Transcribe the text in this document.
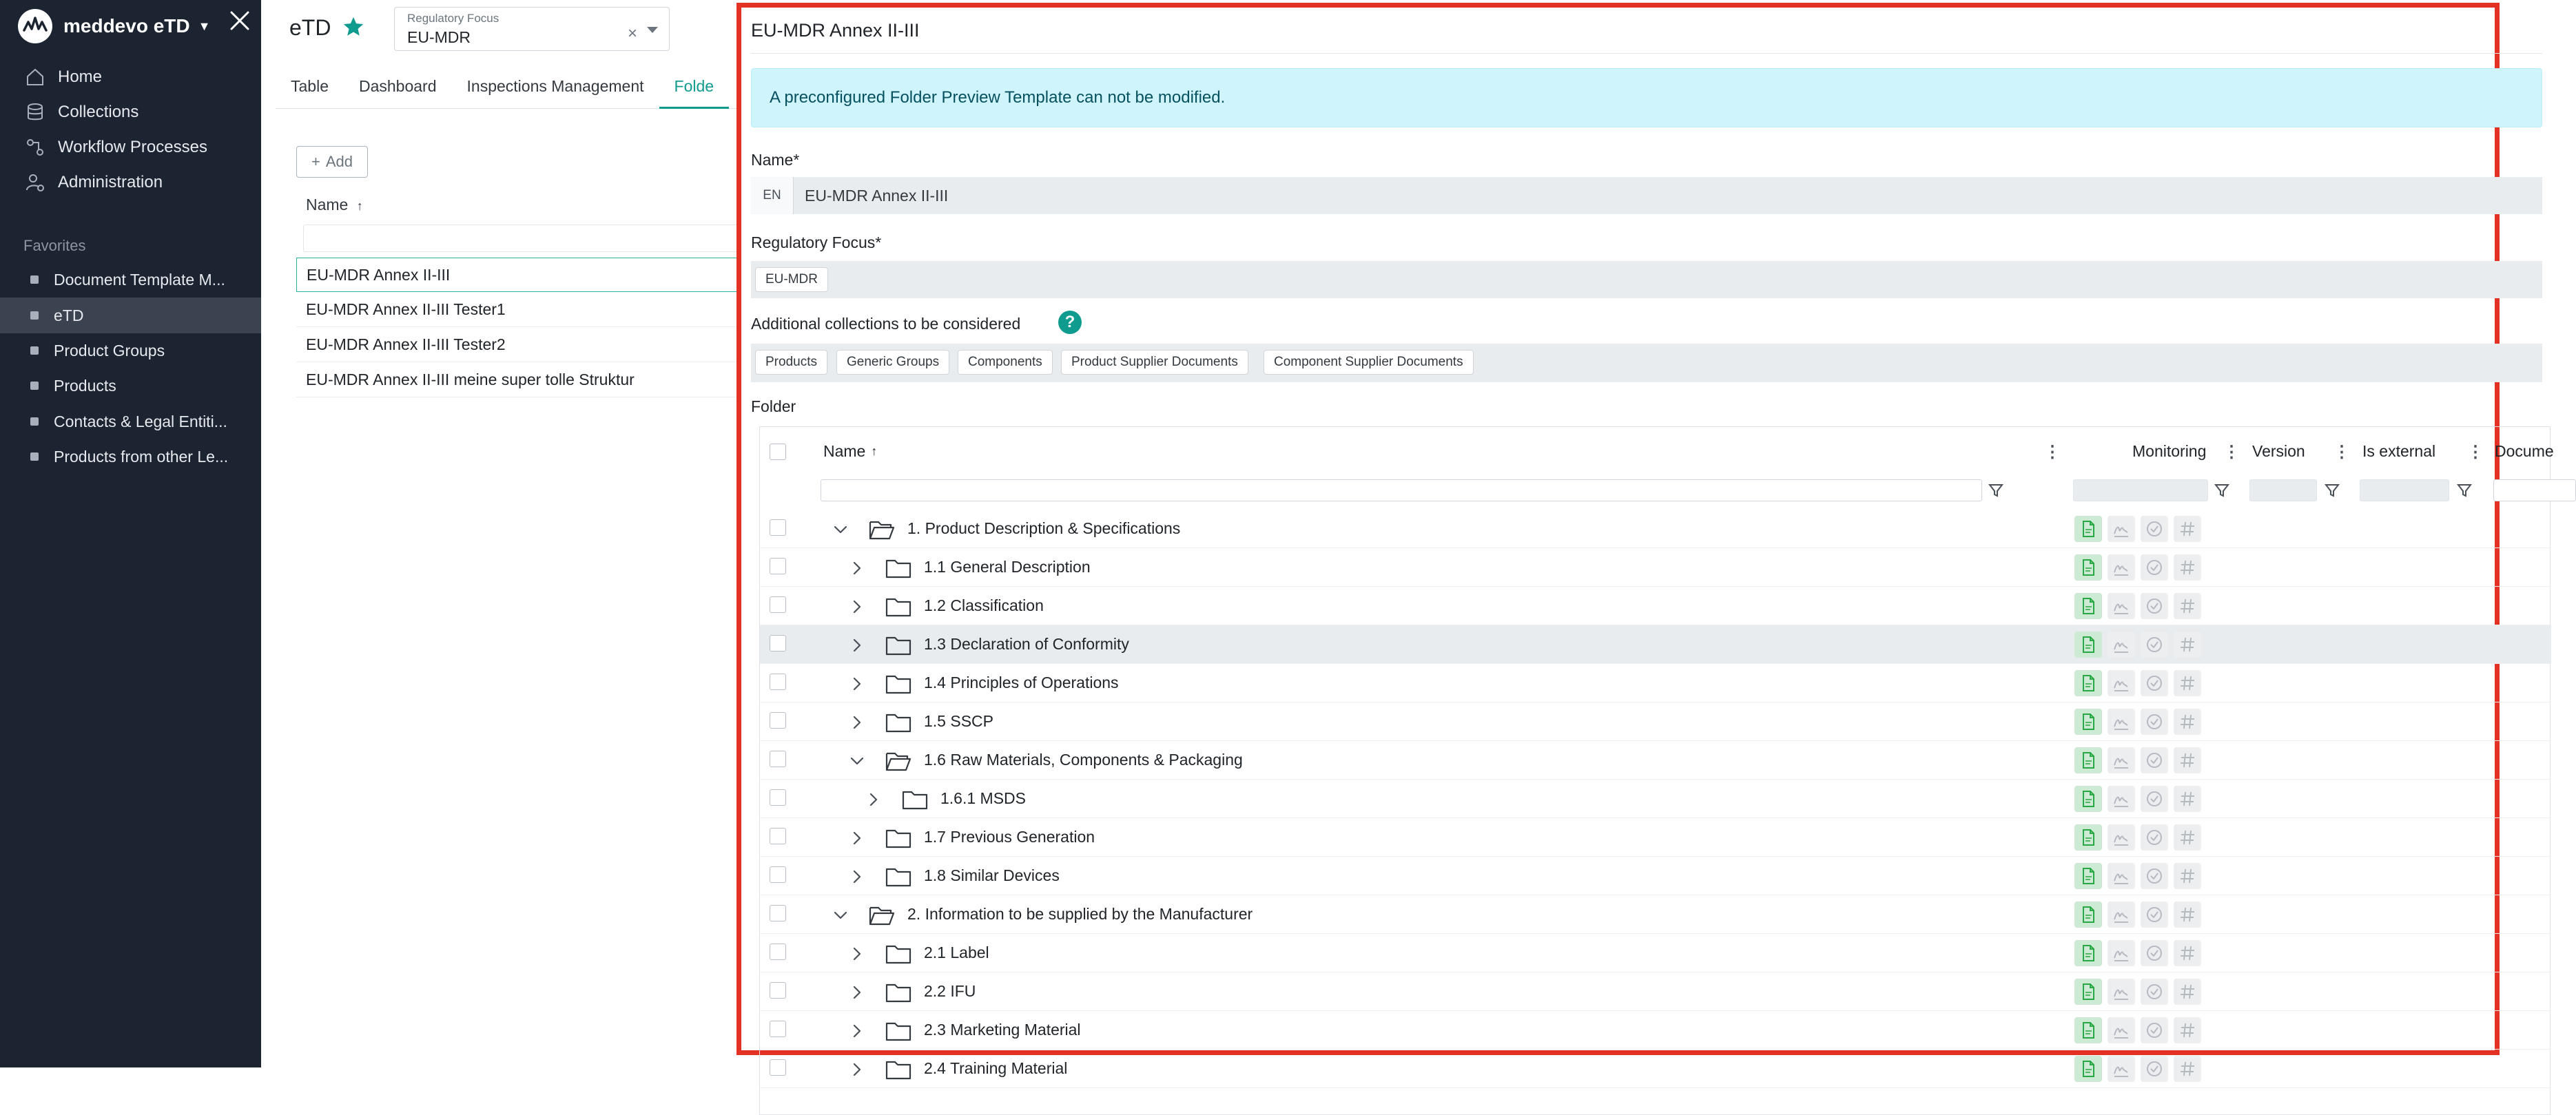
meddevo eTD ▼
Home
Collections
Workflow Processes
Administration
Favorites
Document Template M...
eTD
Product Groups
Products
Contacts & Legal Entiti...
Products from other Le...
eTD	Regulatory Focus
EU-MDR	×
Table	Dashboard	Inspections Management	Folde
+ Add
Name ↑
EU-MDR Annex II-III
EU-MDR Annex II-III Tester1
EU-MDR Annex II-III Tester2
EU-MDR Annex II-III meine super tolle Struktur
EU-MDR Annex II-III
A preconfigured Folder Preview Template can not be modified.
Name*
EN	EU-MDR Annex II-III
Regulatory Focus*
EU-MDR
Additional collections to be considered	?
Products	Generic Groups	Components	Product Supplier Documents	Component Supplier Documents
Folder
Name ↑	⋮	Monitoring ⋮ Version ⋮ Is external ⋮ Docume
1. Product Description & Specifications
1.1 General Description
1.2 Classification
1.3 Declaration of Conformity
1.4 Principles of Operations
1.5 SSCP
1.6 Raw Materials, Components & Packaging
1.6.1 MSDS
1.7 Previous Generation
1.8 Similar Devices
2. Information to be supplied by the Manufacturer
2.1 Label
2.2 IFU
2.3 Marketing Material
2.4 Training Material
